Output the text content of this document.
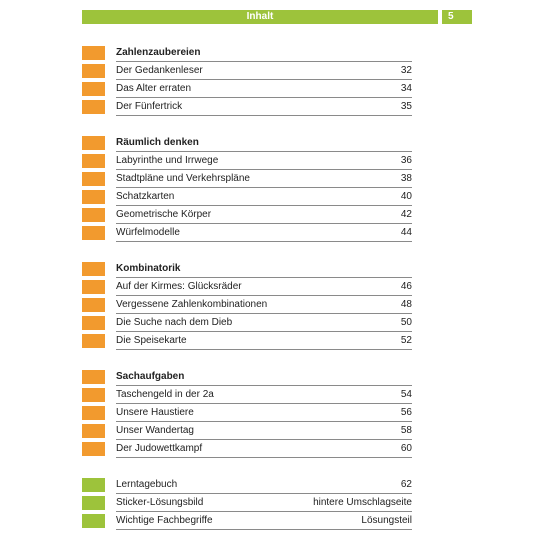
Inhalt	5
Zahlenzaubereien
Der Gedankenleser	32
Das Alter erraten	34
Der Fünfertrick	35
Räumlich denken
Labyrinthe und Irrwege	36
Stadtpläne und Verkehrspläne	38
Schatzkarten	40
Geometrische Körper	42
Würfelmodelle	44
Kombinatorik
Auf der Kirmes: Glücksräder	46
Vergessene Zahlenkombinationen	48
Die Suche nach dem Dieb	50
Die Speisekarte	52
Sachaufgaben
Taschengeld in der 2a	54
Unsere Haustiere	56
Unser Wandertag	58
Der Judowettkampf	60
Lerntagebuch	62
Sticker-Lösungsbild	hintere Umschlagseite
Wichtige Fachbegriffe	Lösungsteil
